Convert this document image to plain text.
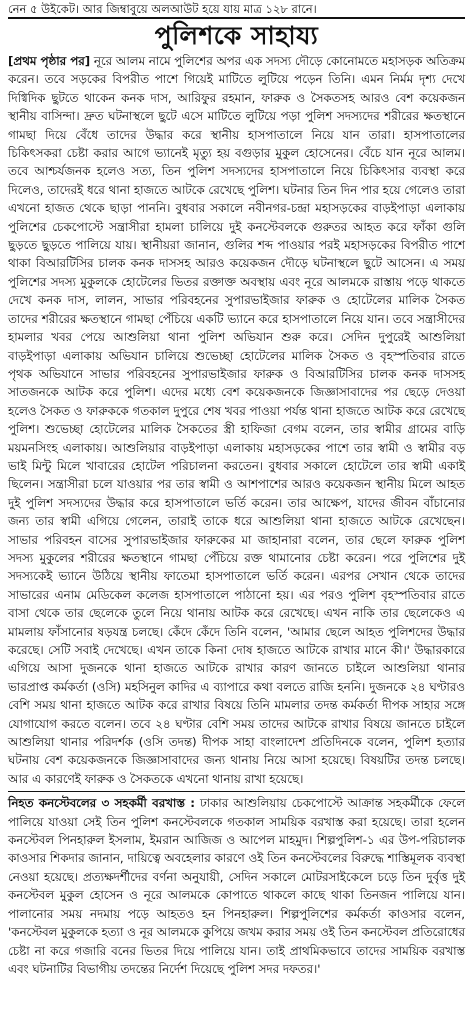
নেন ৫ উইকেট। আর জিম্বাবুয়ে অলআউট হয়ে যায় মাত্র ১২৮ রানে।
পুলিশকে সাহায্য
[প্রথম পৃষ্ঠার পর] নূরে আলম নামে পুলিশের অপর এক সদস্য দৌড়ে কোনোমতে মহাসড়ক অতিক্রম করেন। তবে সড়কের বিপরীত পাশে গিয়েই মাটিতে লুটিয়ে পড়েন তিনি। এমন নির্মম দৃশ্য দেখে দিগ্বিদিক ছুটতে থাকেন কনক দাস, আরিফুর রহমান, ফারুক ও সৈকতসহ আরও বেশ কয়েকজন স্থানীয় বাসিন্দা। দ্রুত ঘটনাস্থলে ছুটে এসে মাটিতে লুটিয়ে পড়া পুলিশ সদস্যদের শরীরের ক্ষতস্থানে গামছা দিয়ে বেঁধে তাদের উদ্ধার করে স্থানীয় হাসপাতালে নিয়ে যান তারা। হাসপাতালের চিকিৎসকরা চেষ্টা করার আগে ভ্যানেই মৃত্যু হয় বগুড়ার মুকুল হোসেনের। বেঁচে যান নূরে আলম। তবে আশ্চর্যজনক হলেও সত্য, তিন পুলিশ সদস্যদের হাসপাতালে নিয়ে চিকিৎসার ব্যবস্থা করে দিলেও, তাদেরই ধরে থানা হাজতে আটকে রেখেছে পুলিশ। ঘটনার তিন দিন পার হয়ে গেলেও তারা এখনো হাজত থেকে ছাড়া পাননি। বুধবার সকালে নবীনগর-চন্দ্রা মহাসড়কের বাড়ইপাড়া এলাকায় পুলিশের চেকপোস্টে সন্ত্রাসীরা হামলা চালিয়ে দুই কনস্টেবলকে গুরুতর আহত করে ফাঁকা গুলি ছুড়তে ছুড়তে পালিয়ে যায়। স্থানীয়রা জানান, গুলির শব্দ পাওয়ার পরই মহাসড়কের বিপরীত পাশে থাকা বিআরটিসির চালক কনক দাসসহ আরও কয়েকজন দৌড়ে ঘটনাস্থলে ছুটে আসেন। এ সময় পুলিশের সদস্য মুকুলকে হোটেলের ভিতর রক্তাক্ত অবস্থায় এবং নূরে আলমকে রাস্তায় পড়ে থাকতে দেখে কনক দাস, লালন, সাভার পরিবহনের সুপারভাইজার ফারুক ও হোটেলের মালিক সৈকত তাদের শরীরের ক্ষতস্থানে গামছা পেঁচিয়ে একটি ভ্যানে করে হাসপাতালে নিয়ে যান। তবে সন্ত্রাসীদের হামলার খবর পেয়ে আশুলিয়া থানা পুলিশ অভিযান শুরু করে। সেদিন দুপুরেই আশুলিয়া বাড়ইপাড়া এলাকায় অভিযান চালিয়ে শুভেচ্ছা হোটেলের মালিক সৈকত ও বৃহস্পতিবার রাতে পৃথক অভিযানে সাভার পরিবহনের সুপারভাইজার ফারুক ও বিআরটিসির চালক কনক দাসসহ সাতজনকে আটক করে পুলিশ। এদের মধ্যে বেশ কয়েকজনকে জিজ্ঞাসাবাদের পর ছেড়ে দেওয়া হলেও সৈকত ও ফারুককে গতকাল দুপুরে শেষ খবর পাওয়া পর্যন্ত থানা হাজতে আটক করে রেখেছে পুলিশ। শুভেচ্ছা হোটেলের মালিক সৈকতের স্ত্রী হাফিজা বেগম বলেন, তার স্বামীর গ্রামের বাড়ি ময়মনসিংহ এলাকায়। আশুলিয়ার বাড়ইপাড়া এলাকায় মহাসড়কের পাশে তার স্বামী ও স্বামীর বড় ভাই মিন্টু মিলে খাবারের হোটেল পরিচালনা করতেন। বুধবার সকালে হোটেলে তার স্বামী একাই ছিলেন। সন্ত্রাসীরা চলে যাওয়ার পর তার স্বামী ও আশপাশের আরও কয়েকজন স্থানীয় মিলে আহত দুই পুলিশ সদস্যদের উদ্ধার করে হাসপাতালে ভর্তি করেন। তার আক্ষেপ, যাদের জীবন বাঁচানোর জন্য তার স্বামী এগিয়ে গেলেন, তারাই তাকে ধরে আশুলিয়া থানা হাজতে আটকে রেখেছেন। সাভার পরিবহন বাসের সুপারভাইজার ফারুকের মা জাহানারা বলেন, তার ছেলে ফারুক পুলিশ সদস্য মুকুলের শরীরের ক্ষতস্থানে গামছা পেঁচিয়ে রক্ত থামানোর চেষ্টা করেন। পরে পুলিশের দুই সদস্যকেই ভ্যানে উঠিয়ে স্থানীয় ফাতেমা হাসপাতালে ভর্তি করেন। এরপর সেখান থেকে তাদের সাভারের এনাম মেডিকেল কলেজ হাসপাতালে পাঠানো হয়। এর পরও পুলিশ বৃহস্পতিবার রাতে বাসা থেকে তার ছেলেকে তুলে নিয়ে থানায় আটক করে রেখেছে। এখন নাকি তার ছেলেকেও এ মামলায় ফাঁসানোর ষড়যন্ত্র চলছে। কেঁদে কেঁদে তিনি বলেন, 'আমার ছেলে আহত পুলিশদের উদ্ধার করেছে। সেটি সবাই দেখেছে। এখন তাকে কিনা দোষ হাজতে আটকে রাখার মানে কী।' উদ্ধারকারে এগিয়ে আসা দুজনকে থানা হাজতে আটকে রাখার কারণ জানতে চাইলে আশুলিয়া থানার ভারপ্রাপ্ত কর্মকর্তা (ওসি) মহসিনুল কাদির এ ব্যাপারে কথা বলতে রাজি হননি। দুজনকে ২৪ ঘণ্টারও বেশি সময় থানা হাজতে আটক করে রাখার বিষয়ে তিনি মামলার তদন্ত কর্মকর্তা দীপক সাহার সঙ্গে যোগাযোগ করতে বলেন। তবে ২৪ ঘণ্টার বেশি সময় তাদের আটকে রাখার বিষয়ে জানতে চাইলে আশুলিয়া থানার পরিদর্শক (ওসি তদন্ত) দীপক সাহা বাংলাদেশ প্রতিদিনকে বলেন, পুলিশ হত্যার ঘটনায় বেশ কয়েকজনকে জিজ্ঞাসাবাদের জন্য থানায় নিয়ে আসা হয়েছে। বিষয়টির তদন্ত চলছে। আর এ কারণেই ফারুক ও সৈকতকে এখনো থানায় রাখা হয়েছে।
নিহত কনস্টেবলের ৩ সহকর্মী বরখাস্ত : ঢাকার আশুলিয়ায় চেকপোস্টে আক্রান্ত সহকর্মীকে ফেলে পালিয়ে যাওয়া সেই তিন পুলিশ কনস্টেবলকে গতকাল সাময়িক বরখাস্ত করা হয়েছে। তারা হলেন কনস্টেবল পিনহারুল ইসলাম, ইমরান আজিজ ও আপেল মাহমুদ। শিল্পপুলিশ-১ এর উপ-পরিচালক কাওসার শিকদার জানান, দায়িত্বে অবহেলার কারণে ওই তিন কনস্টেবলের বিরুদ্ধে শাস্তিমূলক ব্যবস্থা নেওয়া হয়েছে। প্রত্যক্ষদর্শীদের বর্ণনা অনুযায়ী, সেদিন সকালে মোটরসাইকেলে চড়ে তিন দুর্বৃত্ত দুই কনস্টেবল মুকুল হোসেন ও নূরে আলমকে কোপাতে থাকলে কাছে থাকা তিনজন পালিয়ে যান। পালানোর সময় নদমায় পড়ে আহতও হন পিনহারুল। শিল্পপুলিশের কর্মকর্তা কাওসার বলেন, 'কনস্টেবল মুকুলকে হত্যা ও নূর আলমকে কুপিয়ে জখম করার সময় ওই তিন কনস্টেবল প্রতিরোধের চেষ্টা না করে গজারি বনের ভিতর দিয়ে পালিয়ে যান। তাই প্রাথমিকভাবে তাদের সাময়িক বরখাস্ত এবং ঘটনাটির বিভাগীয় তদন্তের নির্দেশ দিয়েছে পুলিশ সদর দফতর।'
